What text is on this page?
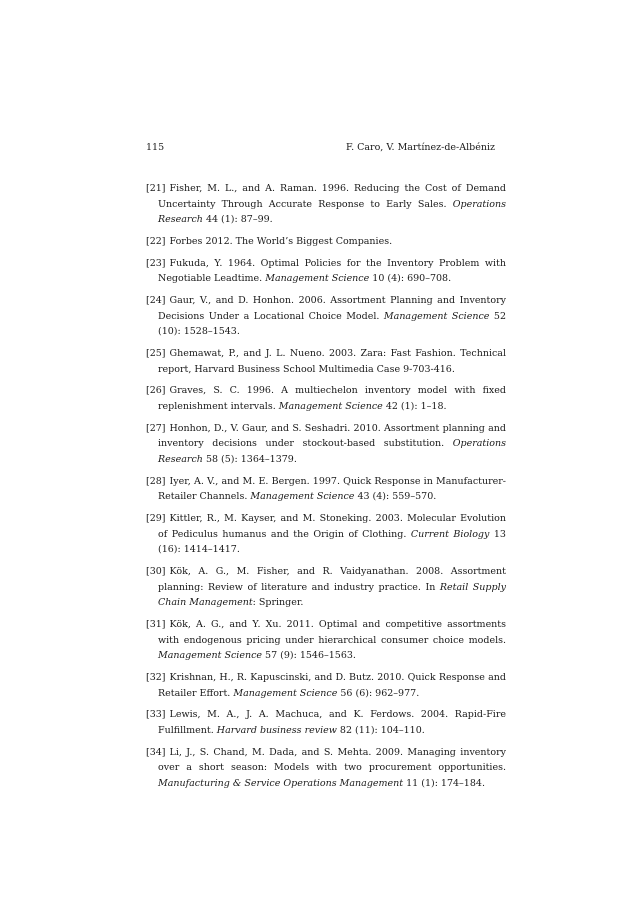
115	F. Caro, V. Martínez-de-Albéniz
[21] Fisher, M. L., and A. Raman. 1996. Reducing the Cost of Demand Uncertainty Through Accurate Response to Early Sales. Operations Research 44 (1): 87–99.
[22] Forbes 2012. The World’s Biggest Companies.
[23] Fukuda, Y. 1964. Optimal Policies for the Inventory Problem with Negotiable Leadtime. Management Science 10 (4): 690–708.
[24] Gaur, V., and D. Honhon. 2006. Assortment Planning and Inventory Decisions Under a Locational Choice Model. Management Science 52 (10): 1528–1543.
[25] Ghemawat, P., and J. L. Nueno. 2003. Zara: Fast Fashion. Technical report, Harvard Business School Multimedia Case 9-703-416.
[26] Graves, S. C. 1996. A multiechelon inventory model with fixed replenishment intervals. Management Science 42 (1): 1–18.
[27] Honhon, D., V. Gaur, and S. Seshadri. 2010. Assortment planning and inventory decisions under stockout-based substitution. Operations Research 58 (5): 1364–1379.
[28] Iyer, A. V., and M. E. Bergen. 1997. Quick Response in Manufacturer-Retailer Channels. Management Science 43 (4): 559–570.
[29] Kittler, R., M. Kayser, and M. Stoneking. 2003. Molecular Evolution of Pediculus humanus and the Origin of Clothing. Current Biology 13 (16): 1414–1417.
[30] Kök, A. G., M. Fisher, and R. Vaidyanathan. 2008. Assortment planning: Review of literature and industry practice. In Retail Supply Chain Management: Springer.
[31] Kök, A. G., and Y. Xu. 2011. Optimal and competitive assortments with endogenous pricing under hierarchical consumer choice models. Management Science 57 (9): 1546–1563.
[32] Krishnan, H., R. Kapuscinski, and D. Butz. 2010. Quick Response and Retailer Effort. Management Science 56 (6): 962–977.
[33] Lewis, M. A., J. A. Machuca, and K. Ferdows. 2004. Rapid-Fire Fulfillment. Harvard business review 82 (11): 104–110.
[34] Li, J., S. Chand, M. Dada, and S. Mehta. 2009. Managing inventory over a short season: Models with two procurement opportunities. Manufacturing & Service Operations Management 11 (1): 174–184.
